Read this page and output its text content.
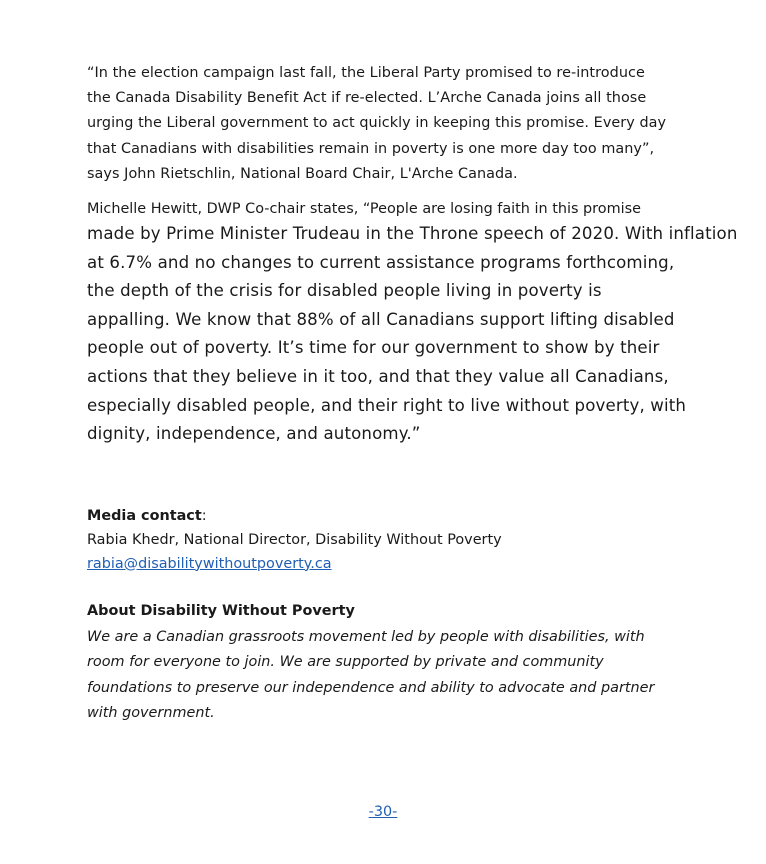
“In the election campaign last fall, the Liberal Party promised to re-introduce
the Canada Disability Benefit Act if re-elected. L’Arche Canada joins all those
urging the Liberal government to act quickly in keeping this promise. Every day
that Canadians with disabilities remain in poverty is one more day too many”,
says John Rietschlin, National Board Chair, L'Arche Canada.
Michelle Hewitt, DWP Co-chair states, “People are losing faith in this promise
made by Prime Minister Trudeau in the Throne speech of 2020. With inflation
at 6.7% and no changes to current assistance programs forthcoming,
the depth of the crisis for disabled people living in poverty is
appalling. We know that 88% of all Canadians support lifting disabled
people out of poverty. It’s time for our government to show by their
actions that they believe in it too, and that they value all Canadians,
especially disabled people, and their right to live without poverty, with
dignity, independence, and autonomy.”
Media contact:
Rabia Khedr, National Director, Disability Without Poverty
rabia@disabilitywithoutpoverty.ca
About Disability Without Poverty
We are a Canadian grassroots movement led by people with disabilities, with
room for everyone to join. We are supported by private and community
foundations to preserve our independence and ability to advocate and partner
with government.
-30-
